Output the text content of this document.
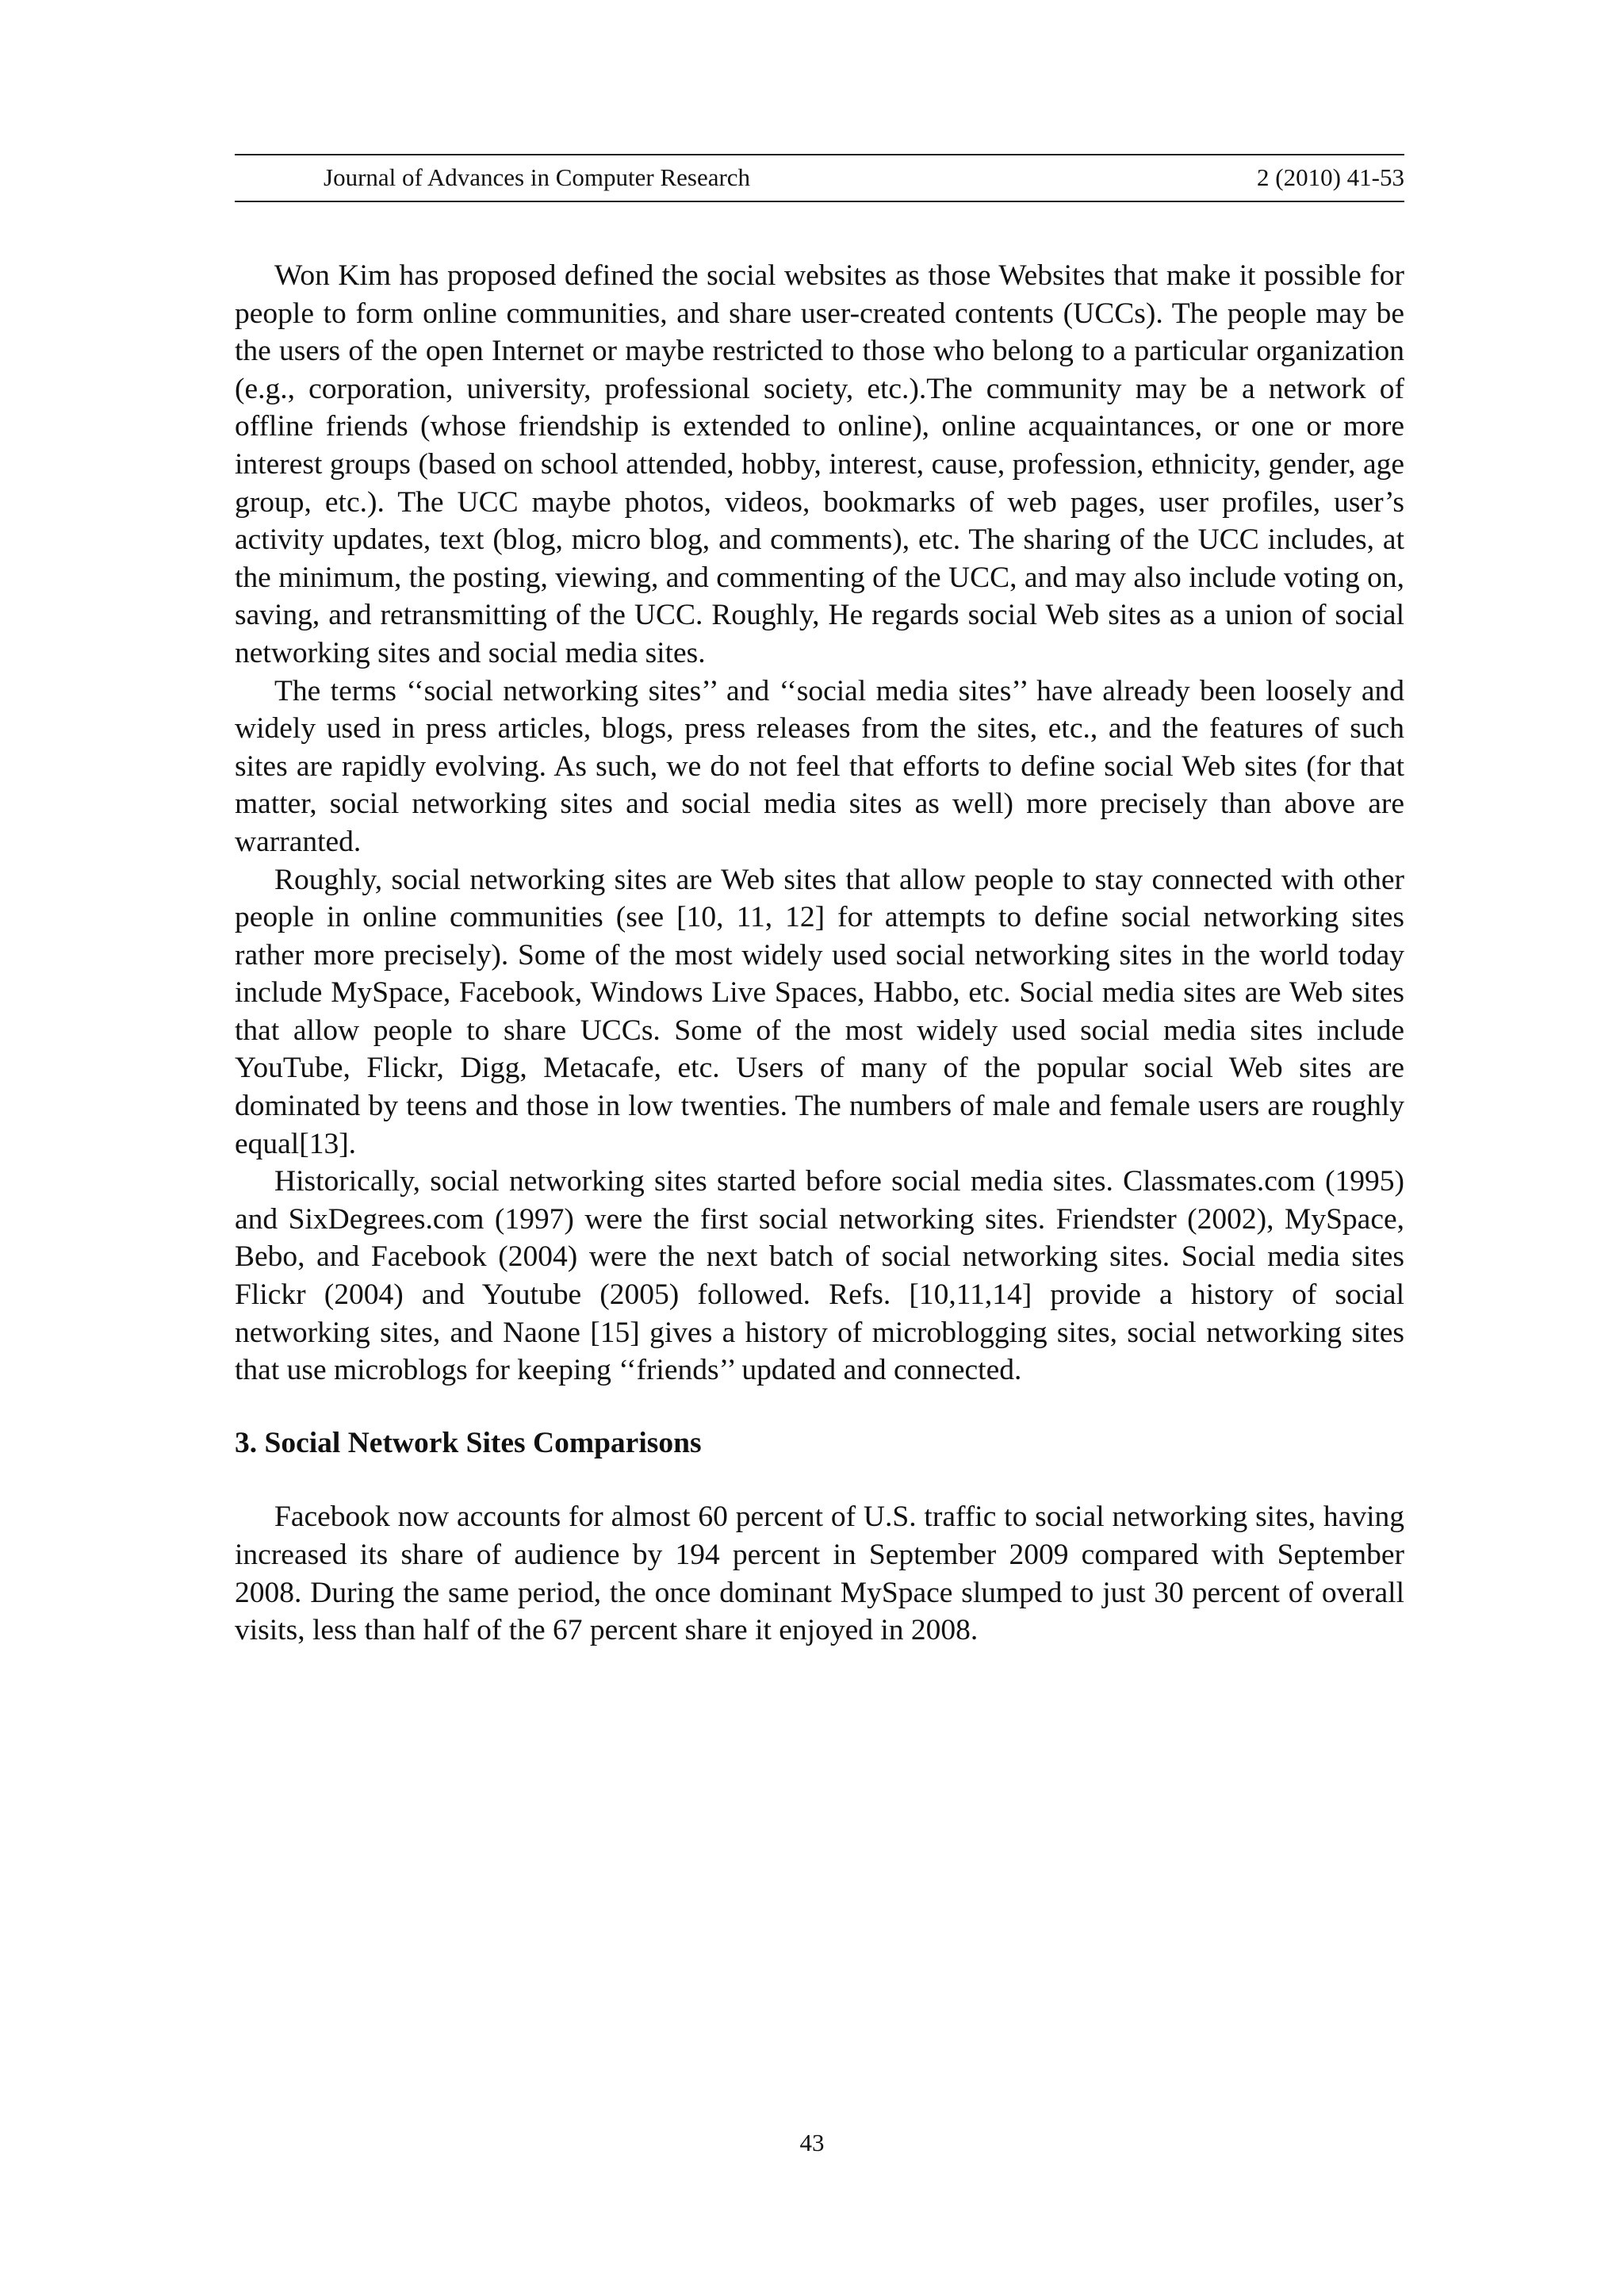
Journal of Advances in Computer Research	2 (2010) 41-53

Won Kim has proposed defined the social websites as those Websites that make it possible for people to form online communities, and share user-created contents (UCCs). The people may be the users of the open Internet or maybe restricted to those who belong to a particular organization (e.g., corporation, university, professional society, etc.).The community may be a network of offline friends (whose friendship is extended to online), online acquaintances, or one or more interest groups (based on school attended, hobby, interest, cause, profession, ethnicity, gender, age group, etc.). The UCC maybe photos, videos, bookmarks of web pages, user profiles, user’s activity updates, text (blog, micro blog, and comments), etc. The sharing of the UCC includes, at the minimum, the posting, viewing, and commenting of the UCC, and may also include voting on, saving, and retransmitting of the UCC. Roughly, He regards social Web sites as a union of social networking sites and social media sites.

The terms ‘‘social networking sites’’ and ‘‘social media sites’’ have already been loosely and widely used in press articles, blogs, press releases from the sites, etc., and the features of such sites are rapidly evolving. As such, we do not feel that efforts to define social Web sites (for that matter, social networking sites and social media sites as well) more precisely than above are warranted.

Roughly, social networking sites are Web sites that allow people to stay connected with other people in online communities (see [10, 11, 12] for attempts to define social networking sites rather more precisely). Some of the most widely used social networking sites in the world today include MySpace, Facebook, Windows Live Spaces, Habbo, etc. Social media sites are Web sites that allow people to share UCCs. Some of the most widely used social media sites include YouTube, Flickr, Digg, Metacafe, etc. Users of many of the popular social Web sites are dominated by teens and those in low twenties. The numbers of male and female users are roughly equal[13].

Historically, social networking sites started before social media sites. Classmates.com (1995) and SixDegrees.com (1997) were the first social networking sites. Friendster (2002), MySpace, Bebo, and Facebook (2004) were the next batch of social networking sites. Social media sites Flickr (2004) and Youtube (2005) followed. Refs. [10,11,14] provide a history of social networking sites, and Naone [15] gives a history of microblogging sites, social networking sites that use microblogs for keeping ‘‘friends’’ updated and connected.

3. Social Network Sites Comparisons

Facebook now accounts for almost 60 percent of U.S. traffic to social networking sites, having increased its share of audience by 194 percent in September 2009 compared with September 2008. During the same period, the once dominant MySpace slumped to just 30 percent of overall visits, less than half of the 67 percent share it enjoyed in 2008.

43
